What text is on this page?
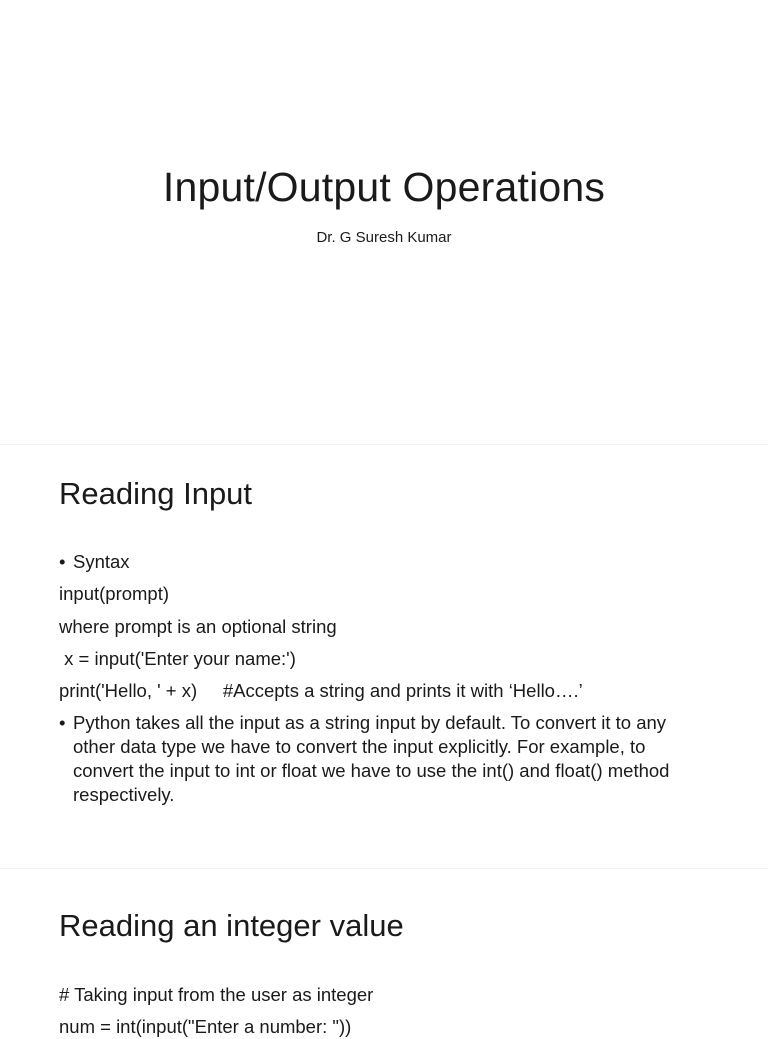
Input/Output Operations
Dr. G Suresh Kumar
Reading Input
• Syntax
input(prompt)
where prompt is an optional string
x = input('Enter your name:')
print('Hello, ' + x)     #Accepts a string and prints it with ‘Hello….’
• Python takes all the input as a string input by default. To convert it to any other data type we have to convert the input explicitly. For example, to convert the input to int or float we have to use the int() and float() method respectively.
Reading an integer value
# Taking input from the user as integer
num = int(input("Enter a number: "))
